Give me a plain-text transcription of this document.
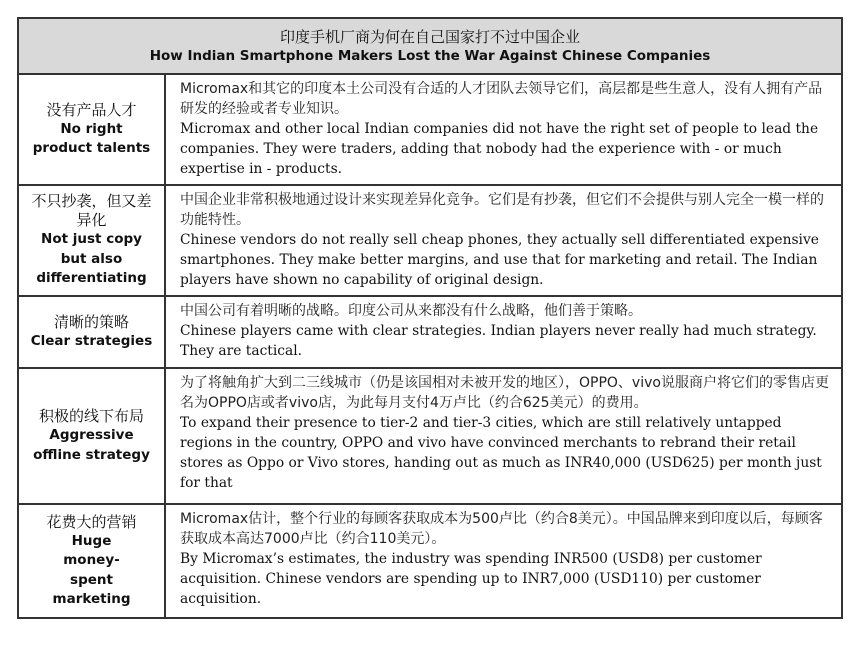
印度手机厂商为何在自己国家打不过中国企业
How Indian Smartphone Makers Lost the War Against Chinese Companies
没有产品人才
No right product talents
Micromax和其它的印度本土公司没有合适的人才团队去领导它们，高层都是些生意人，没有人拥有产品研发的经验或者专业知识。
Micromax and other local Indian companies did not have the right set of people to lead the companies. They were traders, adding that nobody had the experience with - or much expertise in - products.
不只抄袭，但又差异化
Not just copy but also differentiating
中国企业非常积极地通过设计来实现差异化竞争。它们是有抄袭，但它们不会提供与别人完全一模一样的功能特性。
Chinese vendors do not really sell cheap phones, they actually sell differentiated expensive smartphones. They make better margins, and use that for marketing and retail. The Indian players have shown no capability of original design.
清晰的策略
Clear strategies
中国公司有着明晰的战略。印度公司从来都没有什么战略，他们善于策略。
Chinese players came with clear strategies. Indian players never really had much strategy. They are tactical.
积极的线下布局
Aggressive offline strategy
为了将触角扩大到二三线城市（仍是该国相对未被开发的地区），OPPO、vivo说服商户将它们的零售店更名为OPPO店或者vivo店，为此每月支付4万卢比（约合625美元）的费用。
To expand their presence to tier-2 and tier-3 cities, which are still relatively untapped regions in the country, OPPO and vivo have convinced merchants to rebrand their retail stores as Oppo or Vivo stores, handing out as much as INR40,000 (USD625) per month just for that
花费大的营销
Huge money-spent marketing
Micromax估计，整个行业的每顾客获取成本为500卢比（约合8美元）。中国品牌来到印度以后，每顾客获取成本高达7000卢比（约合110美元）。
By Micromax’s estimates, the industry was spending INR500 (USD8) per customer acquisition. Chinese vendors are spending up to INR7,000 (USD110) per customer acquisition.
